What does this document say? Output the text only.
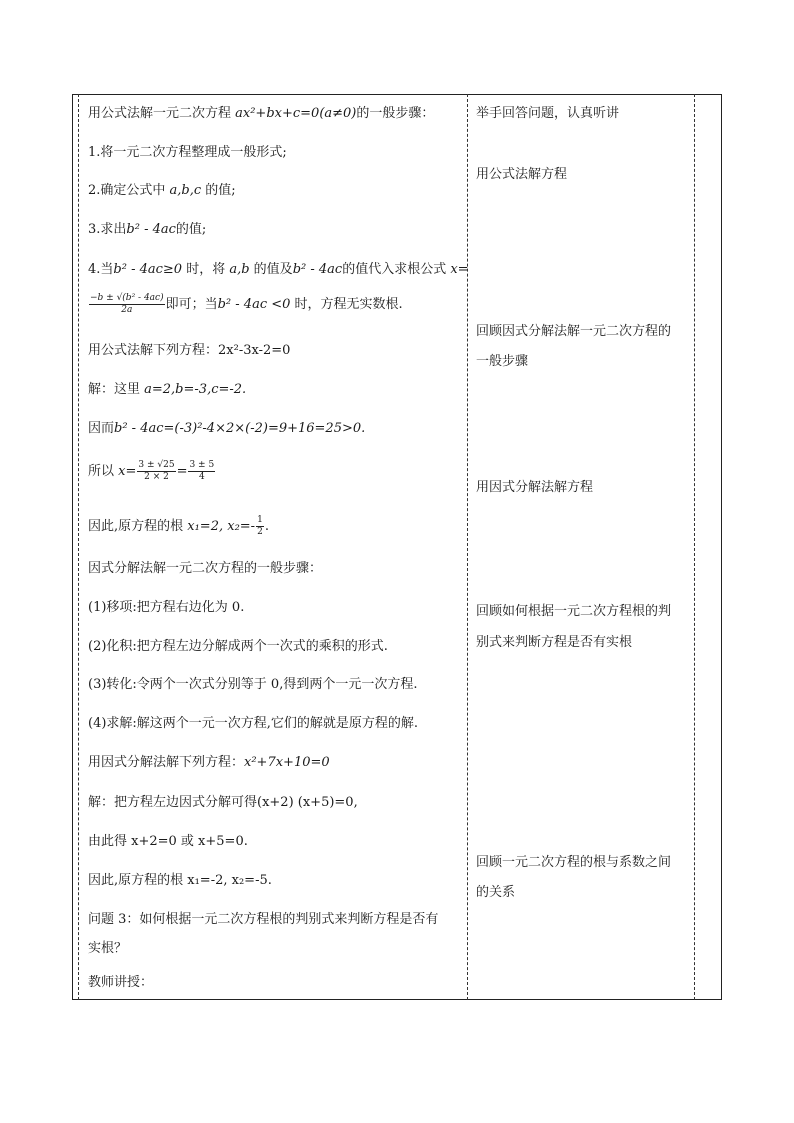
用公式法解一元二次方程 ax²+bx+c=0(a≠0)的一般步骤：
1.将一元二次方程整理成一般形式;
2.确定公式中 a,b,c 的值;
3.求出b² - 4ac的值;
4.当b² - 4ac≥0 时，将 a,b 的值及b² - 4ac的值代入求根公式 x=
$\frac{\text{−b ± √(b² - 4ac)}}{2a}$ 即可；当b² - 4ac <0 时，方程无实数根.
用公式法解下列方程：2x²-3x-2=0
解：这里 a=2,b=-3,c=-2.
因而b² - 4ac=(-3)²-4×2×(-2)=9+16=25>0.
所以 $x= \frac{3 \pm √25}{2 \times 2} = \frac{3 \pm 5}{4}$
因此,原方程的根 x₁=2, $x_2=- \frac{1}{2}$ .
因式分解法解一元二次方程的一般步骤：
(1)移项:把方程右边化为 0.
(2)化积:把方程左边分解成两个一次式的乘积的形式.
(3)转化:令两个一次式分别等于 0,得到两个一元一次方程.
(4)求解:解这两个一元一次方程,它们的解就是原方程的解.
用因式分解法解下列方程：x²+7x+10=0
解：把方程左边因式分解可得(x+2) (x+5)=0,
由此得 x+2=0 或 x+5=0.
因此,原方程的根 x₁=-2, x₂=-5.
问题 3：如何根据一元二次方程根的判别式来判断方程是否有
实根？
教师讲授：
举手回答问题，认真听讲
用公式法解方程
回顾因式分解法解一元二次方程的
一般步骤
用因式分解法解方程
回顾如何根据一元二次方程根的判
别式来判断方程是否有实根
回顾一元二次方程的根与系数之间
的关系
